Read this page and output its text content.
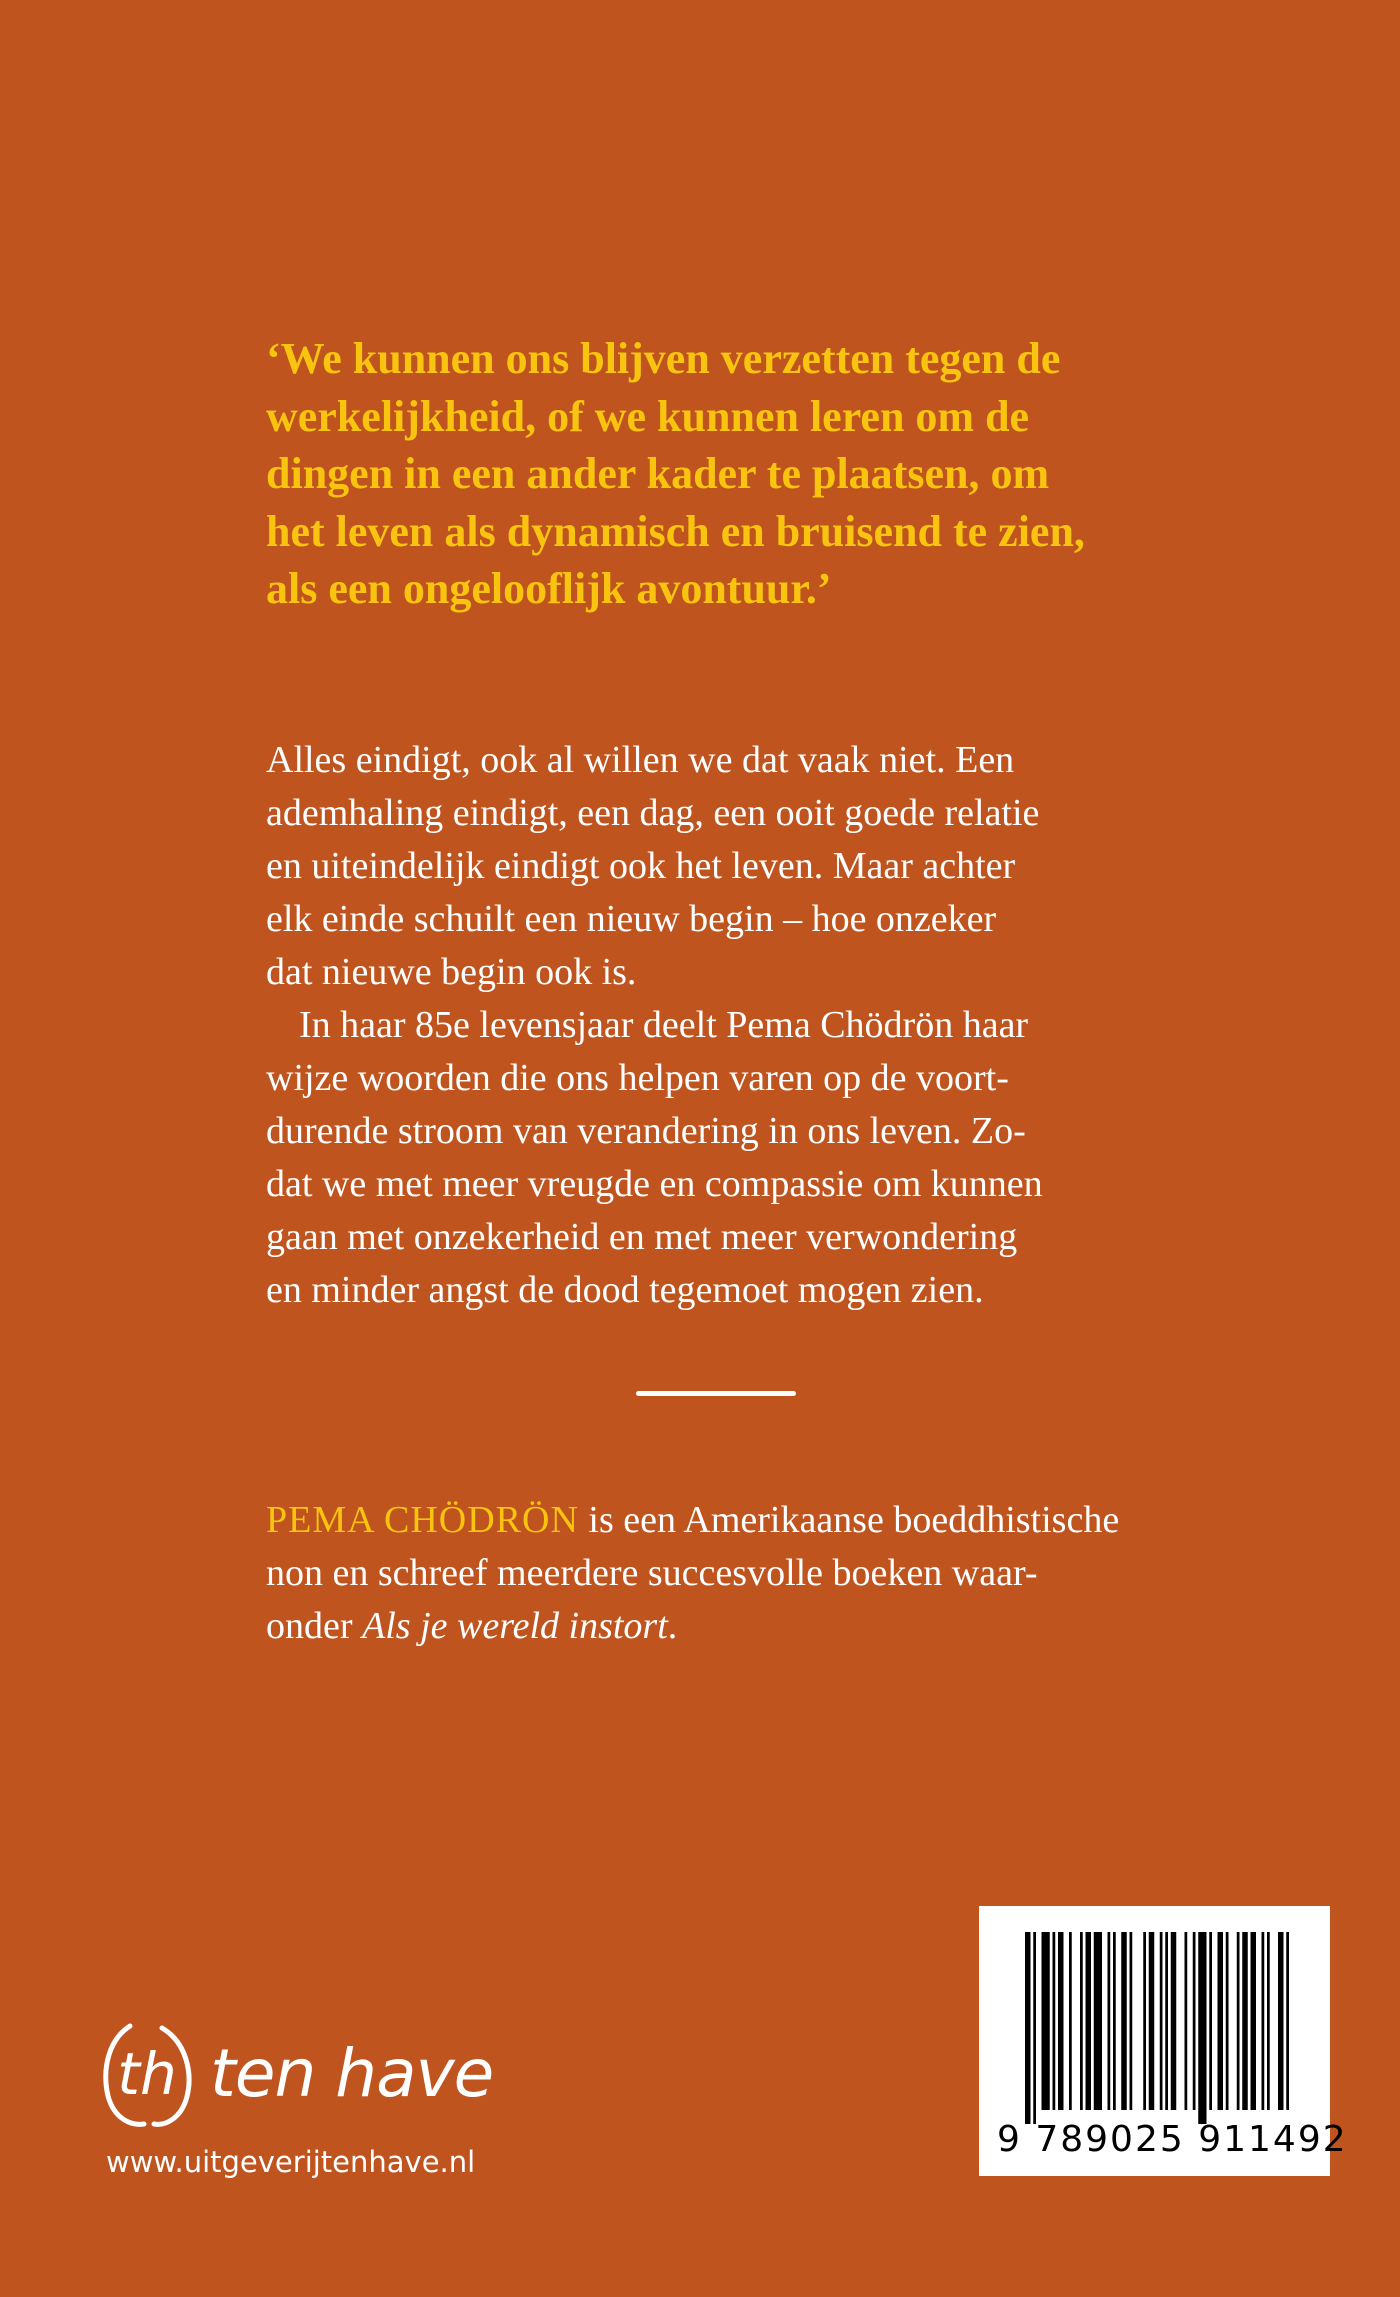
‘We kunnen ons blijven verzetten tegen de
werkelijkheid, of we kunnen leren om de
dingen in een ander kader te plaatsen, om
het leven als dynamisch en bruisend te zien,
als een ongelooflijk avontuur.’
Alles eindigt, ook al willen we dat vaak niet. Een
ademhaling eindigt, een dag, een ooit goede relatie
en uiteindelijk eindigt ook het leven. Maar achter
elk einde schuilt een nieuw begin – hoe onzeker
dat nieuwe begin ook is.
In haar 85e levensjaar deelt Pema Chödrön haar
wijze woorden die ons helpen varen op de voort-
durende stroom van verandering in ons leven. Zo-
dat we met meer vreugde en compassie om kunnen
gaan met onzekerheid en met meer verwondering
en minder angst de dood tegemoet mogen zien.
PEMA CHÖDRÖN is een Amerikaanse boeddhistische
non en schreef meerdere succesvolle boeken waar-
onder Als je wereld instort.
th ten have
www.uitgeverijtenhave.nl
9 789025 911492
